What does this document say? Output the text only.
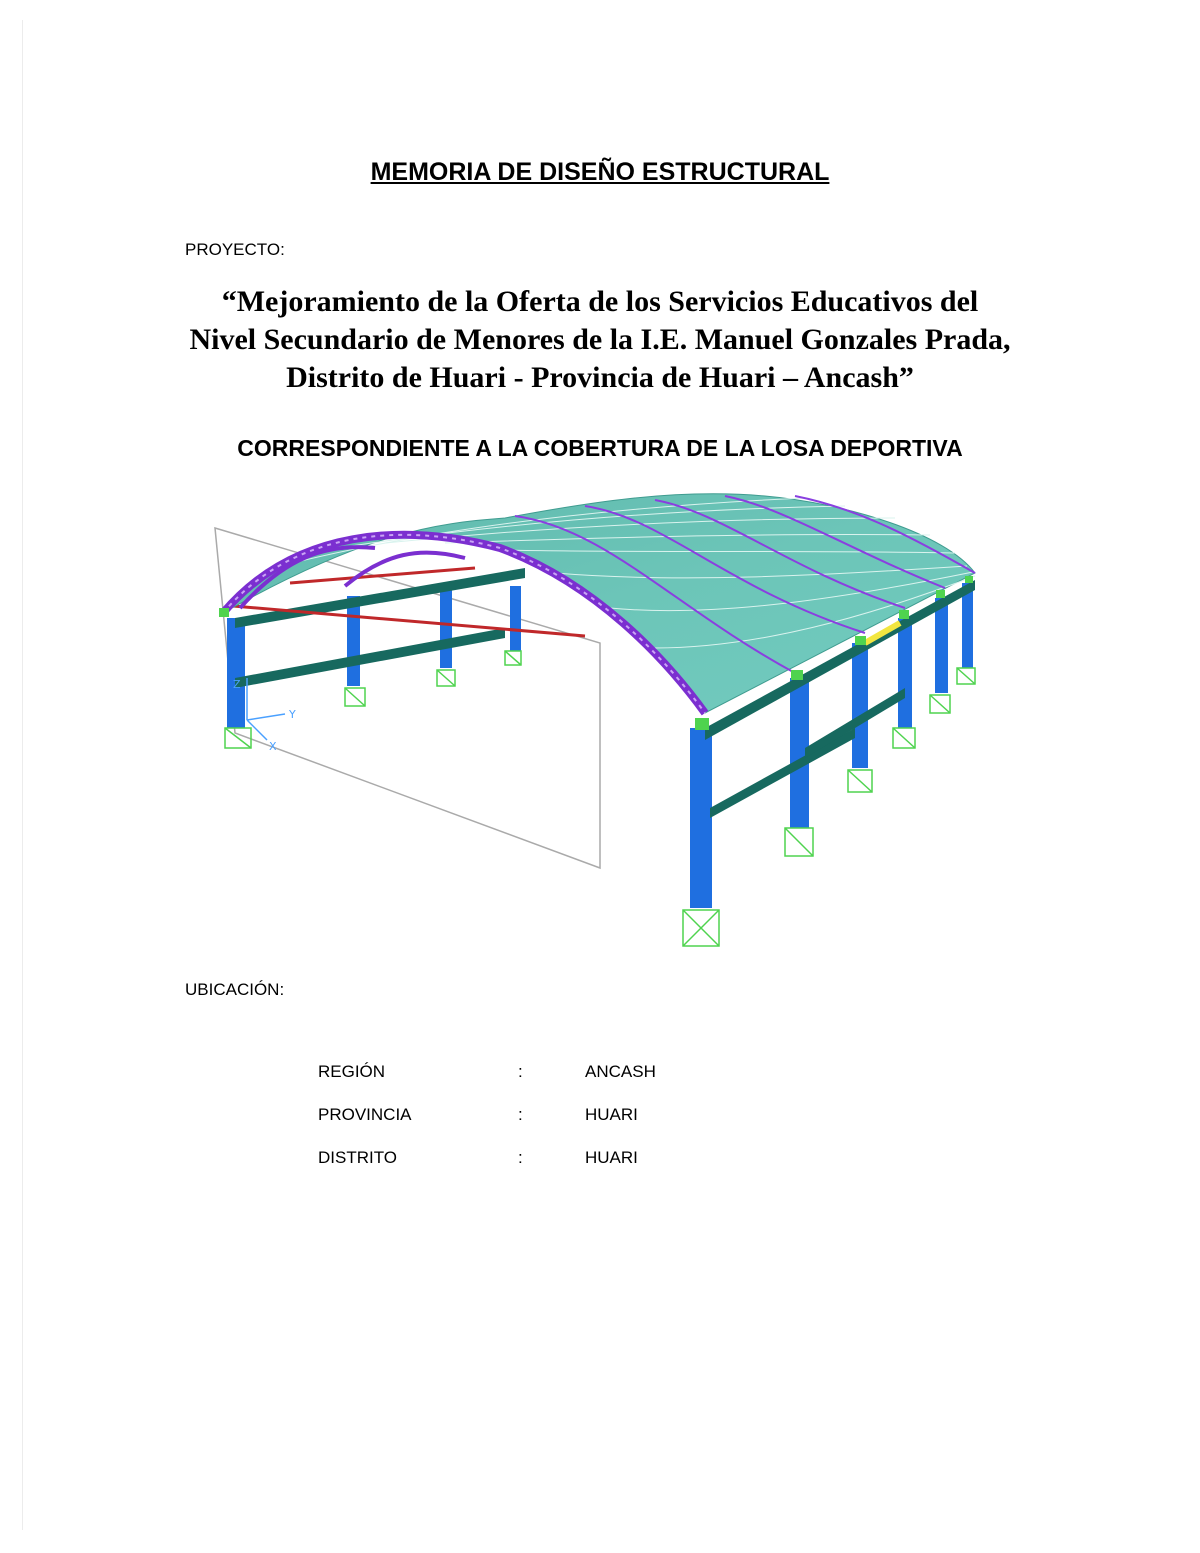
MEMORIA DE DISEÑO ESTRUCTURAL
PROYECTO:
“Mejoramiento de la Oferta de los Servicios Educativos del
Nivel Secundario de Menores de la I.E. Manuel Gonzales Prada,
Distrito de Huari - Provincia de Huari – Ancash”
CORRESPONDIENTE A LA COBERTURA DE LA LOSA DEPORTIVA
Z
Y
X
UBICACIÓN:
REGIÓN	:	ANCASH
PROVINCIA	:	HUARI
DISTRITO	:	HUARI
